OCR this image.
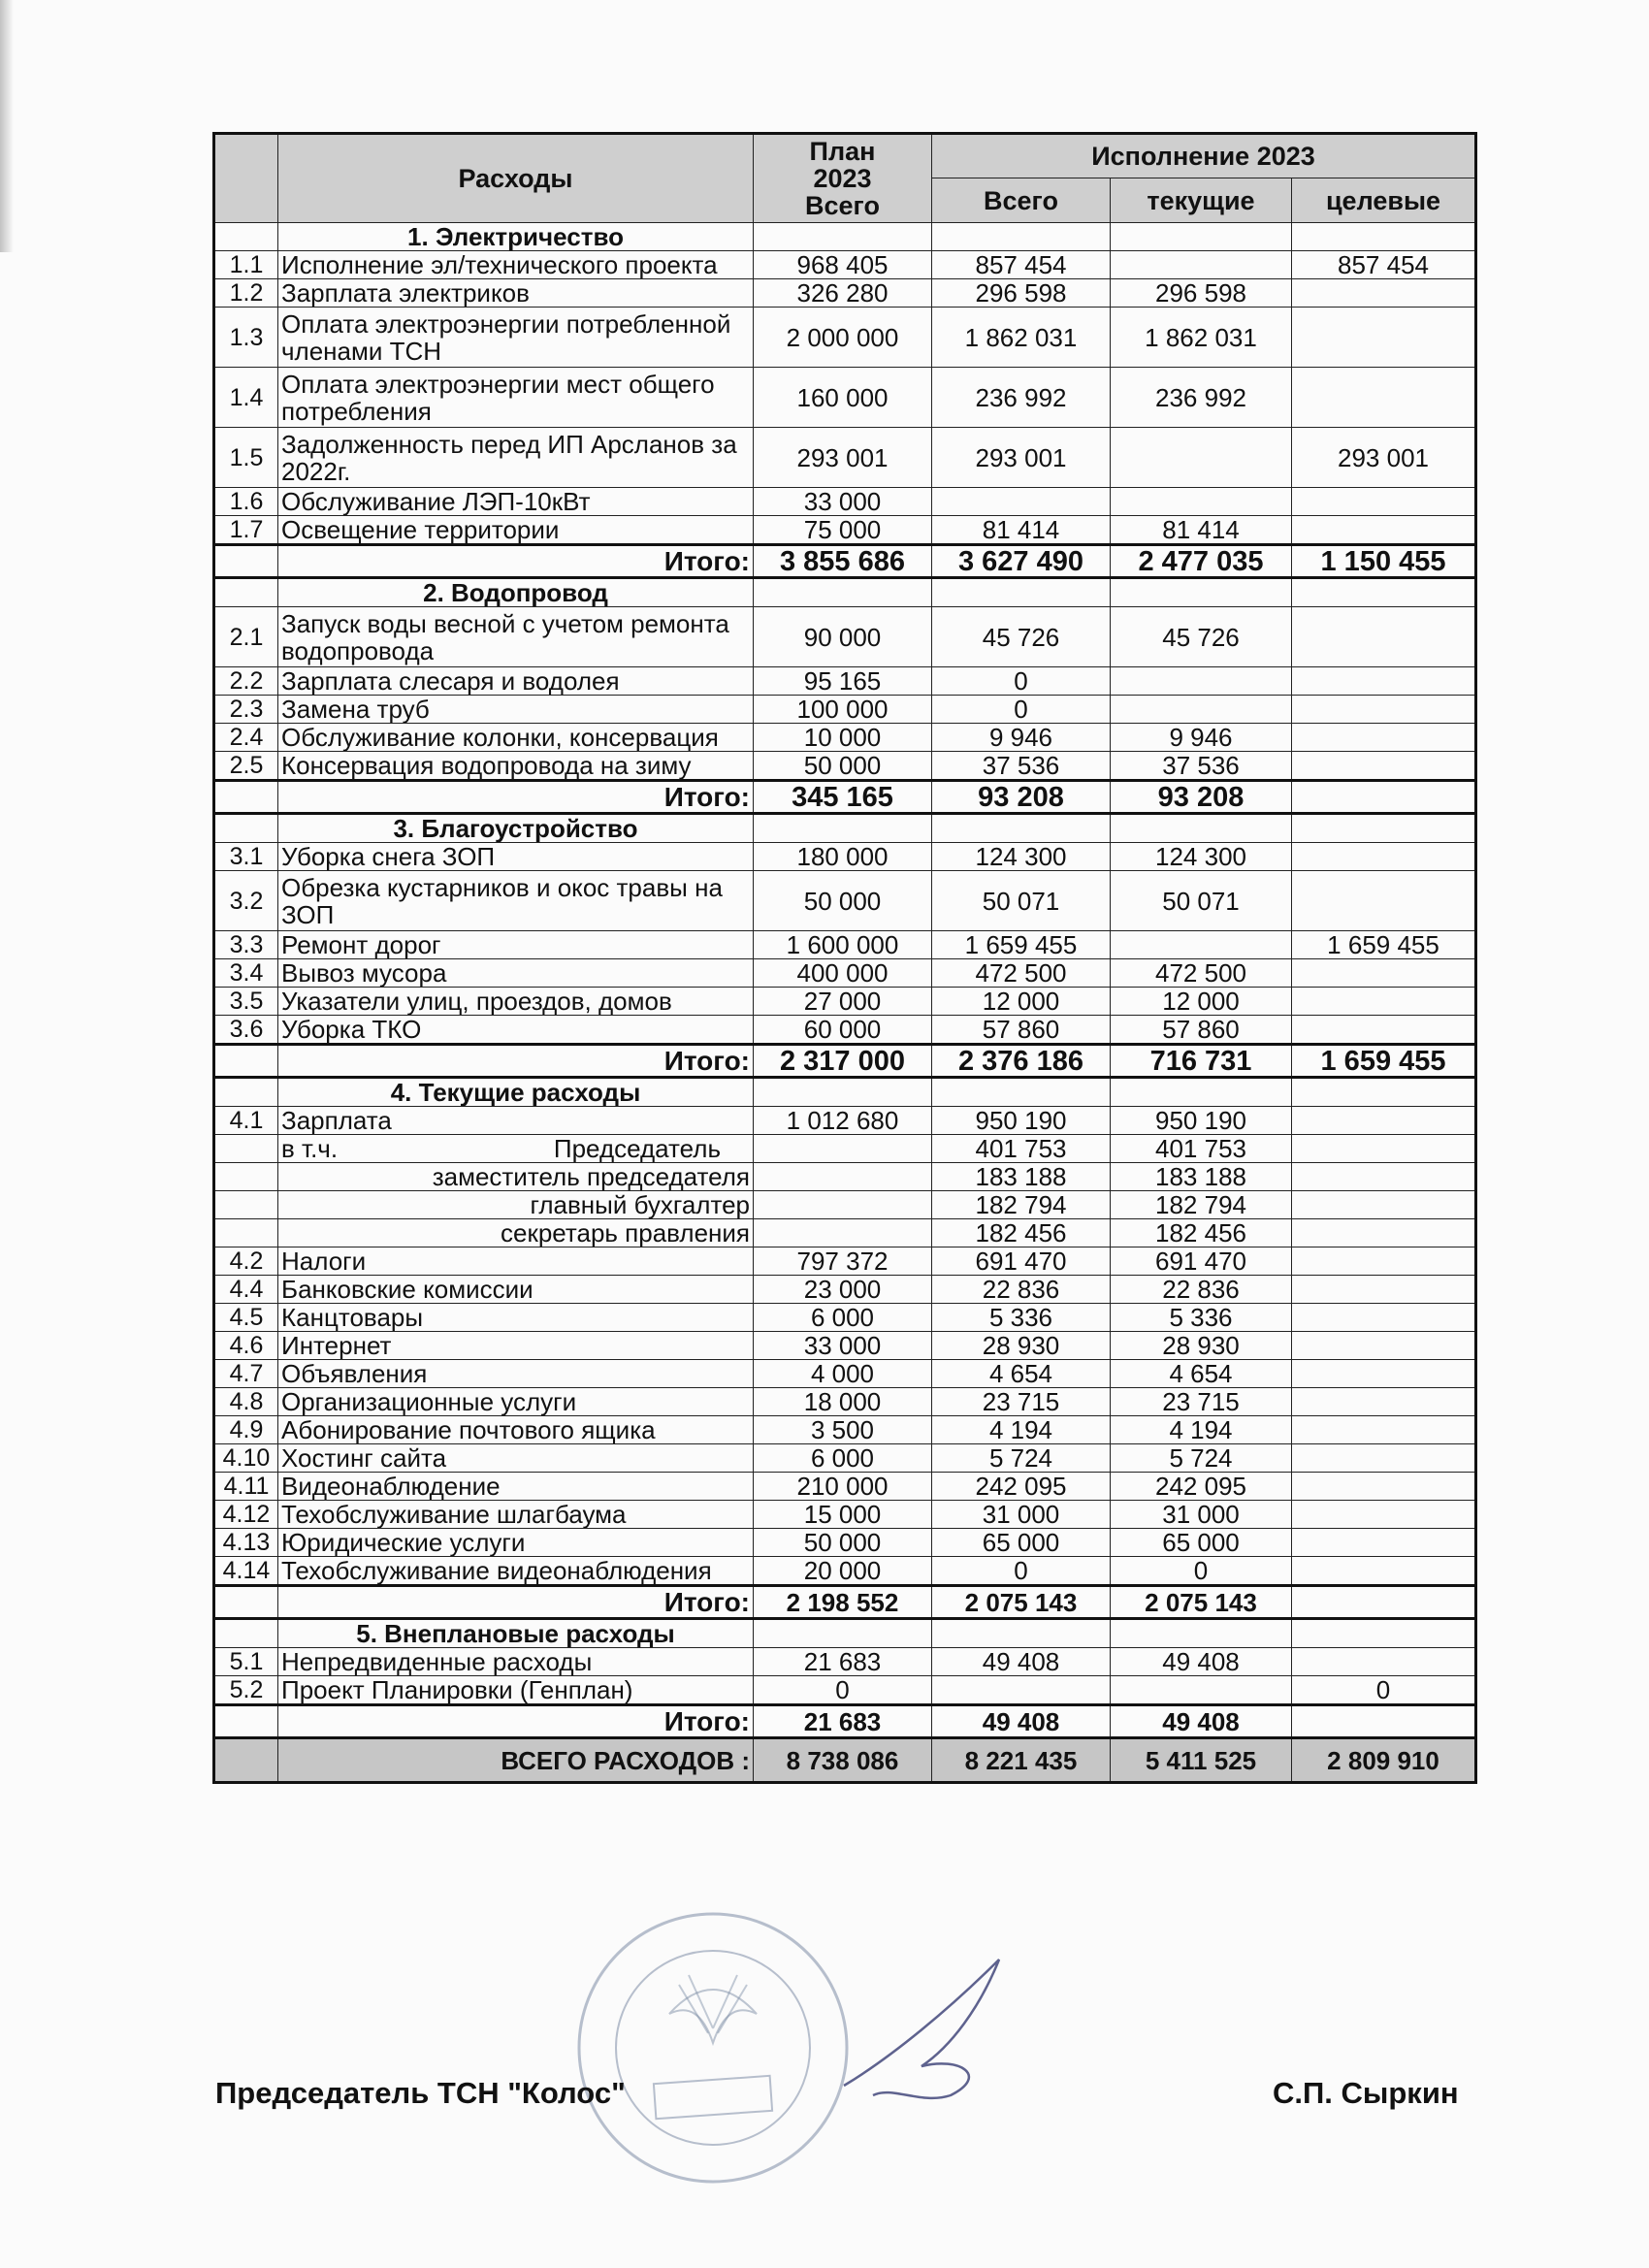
	Расходы	План 2023 Всего	Исполнение 2023		
			Всего	текущие	целевые
	1. Электричество				
1.1	Исполнение эл/технического проекта	968 405	857 454		857 454
1.2	Зарплата электриков	326 280	296 598	296 598	
1.3	Оплата электроэнергии потребленной членами ТСН	2 000 000	1 862 031	1 862 031	
1.4	Оплата электроэнергии мест общего потребления	160 000	236 992	236 992	
1.5	Задолженность перед ИП Арсланов за 2022г.	293 001	293 001		293 001
1.6	Обслуживание ЛЭП-10кВт	33 000			
1.7	Освещение территории	75 000	81 414	81 414	
	Итого:	3 855 686	3 627 490	2 477 035	1 150 455
	2. Водопровод				
2.1	Запуск воды весной с учетом ремонта водопровода	90 000	45 726	45 726	
2.2	Зарплата слесаря и водолея	95 165	0		
2.3	Замена труб	100 000	0		
2.4	Обслуживание колонки, консервация	10 000	9 946	9 946	
2.5	Консервация водопровода на зиму	50 000	37 536	37 536	
	Итого:	345 165	93 208	93 208	
	3. Благоустройство				
3.1	Уборка снега ЗОП	180 000	124 300	124 300	
3.2	Обрезка кустарников и окос травы на ЗОП	50 000	50 071	50 071	
3.3	Ремонт дорог	1 600 000	1 659 455		1 659 455
3.4	Вывоз мусора	400 000	472 500	472 500	
3.5	Указатели улиц, проездов, домов	27 000	12 000	12 000	
3.6	Уборка ТКО	60 000	57 860	57 860	
	Итого:	2 317 000	2 376 186	716 731	1 659 455
	4. Текущие расходы				
4.1	Зарплата	1 012 680	950 190	950 190	
	в т.ч. Председатель		401 753	401 753	
	заместитель председателя		183 188	183 188	
	главный бухгалтер		182 794	182 794	
	секретарь правления		182 456	182 456	
4.2	Налоги	797 372	691 470	691 470	
4.4	Банковские комиссии	23 000	22 836	22 836	
4.5	Канцтовары	6 000	5 336	5 336	
4.6	Интернет	33 000	28 930	28 930	
4.7	Объявления	4 000	4 654	4 654	
4.8	Организационные услуги	18 000	23 715	23 715	
4.9	Абонирование почтового ящика	3 500	4 194	4 194	
4.10	Хостинг сайта	6 000	5 724	5 724	
4.11	Видеонаблюдение	210 000	242 095	242 095	
4.12	Техобслуживание шлагбаума	15 000	31 000	31 000	
4.13	Юридические услуги	50 000	65 000	65 000	
4.14	Техобслуживание видеонаблюдения	20 000	0	0	
	Итого:	2 198 552	2 075 143	2 075 143	
	5. Внеплановые расходы				
5.1	Непредвиденные расходы	21 683	49 408	49 408	
5.2	Проект Планировки (Генплан)	0			0
	Итого:	21 683	49 408	49 408	
	ВСЕГО РАСХОДОВ :	8 738 086	8 221 435	5 411 525	2 809 910
Председатель ТСН "Колос"	С.П. Сыркин
